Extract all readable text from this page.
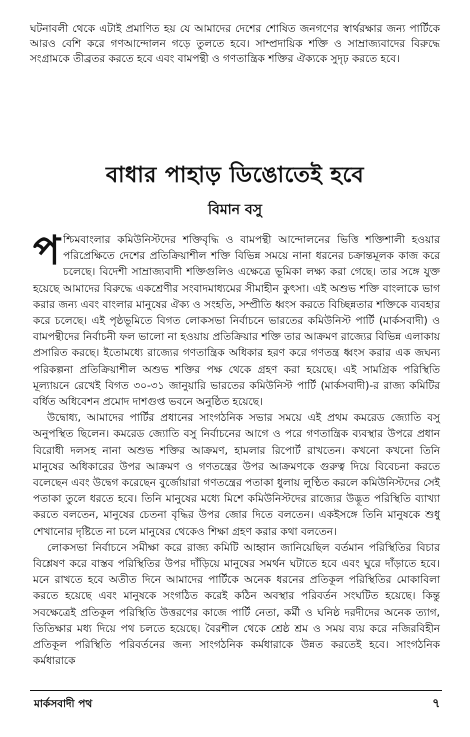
ঘটনাবলী থেকে এটাই প্রমাণিত হয় যে আমাদের দেশের শোষিত জনগণের স্বার্থরক্ষার জন্য পার্টিকে আরও বেশি করে গণআন্দোলন গড়ে তুলতে হবে। সাম্প্রদায়িক শক্তি ও সাম্রাজ্যবাদের বিরুদ্ধে সংগ্রামকে তীব্রতর করতে হবে এবং বামপন্থী ও গণতান্ত্রিক শক্তির ঐক্যকে সুদৃঢ় করতে হবে।
বাধার পাহাড় ডিঙোতেই হবে
বিমান বসু

পশ্চিমবাংলার কমিউনিস্টদের শক্তিবৃদ্ধি ও বামপন্থী আন্দোলনের ভিত্তি শক্তিশালী হওয়ার পরিপ্রেক্ষিতে দেশের প্রতিক্রিয়াশীল শক্তি বিভিন্ন সময়ে নানা ধরনের চক্রান্তমূলক কাজ করে চলেছে। বিদেশী সাম্রাজ্যবাদী শক্তিগুলিও এক্ষেত্রে ভূমিকা লক্ষ্য করা গেছে। তার সঙ্গে যুক্ত হয়েছে আমাদের বিরুদ্ধে একশ্রেণীর সংবাদমাধ্যমের সীমাহীন কুৎসা। এই অশুভ শক্তি বাংলাকে ভাগ করার জন্য এবং বাংলার মানুষের ঐক্য ও সংহতি, সম্প্রীতি ধ্বংস করতে বিচ্ছিন্নতার শক্তিকে ব্যবহার করে চলেছে। এই পৃষ্ঠভূমিতে বিগত লোকসভা নির্বাচনে ভারতের কমিউনিস্ট পার্টি (মার্কসবাদী) ও বামপন্থীদের নির্বাচনী ফল ভালো না হওয়ায় প্রতিক্রিয়ার শক্তি তার আক্রমণ রাজ্যের বিভিন্ন এলাকায় প্রসারিত করছে। ইতোমধ্যে রাজ্যের গণতান্ত্রিক অধিকার হরণ করে গণতন্ত্র ধ্বংস করার এক জঘন্য পরিকল্পনা প্রতিক্রিয়াশীল অশুভ শক্তির পক্ষ থেকে গ্রহণ করা হয়েছে। এই সামগ্রিক পরিস্থিতি মূল্যায়নে রেখেই বিগত ৩০-৩১ জানুয়ারি ভারতের কমিউনিস্ট পার্টি (মার্কসবাদী)-র রাজ্য কমিটির বর্ধিত অধিবেশন প্রমোদ দাশগুপ্ত ভবনে অনুষ্ঠিত হয়েছে।

উদ্বোধ্য, আমাদের পার্টির প্রধানের সাংগঠনিক সভার সময়ে এই প্রথম কমরেড জ্যোতি বসু অনুপস্থিত ছিলেন। কমরেড জ্যোতি বসু নির্বাচনের আগে ও পরে গণতান্ত্রিক ব্যবস্থার উপরে প্রধান বিরোধী দলসহ নানা অশুভ শক্তির আক্রমণ, হামলার রিপোর্ট রাখতেন। কখনো কখনো তিনি মানুষের অধিকারের উপর আক্রমণ ও গণতন্ত্রের উপর আক্রমণকে গুরুত্ব দিয়ে বিবেচনা করতে বলেছেন এবং উদ্বেগ করেছেন বুর্জোয়ারা গণতন্ত্রের পতাকা ধুলায় লুণ্ঠিত করলে কমিউনিস্টদের সেই পতাকা তুলে ধরতে হবে। তিনি মানুষের মধ্যে মিশে কমিউনিস্টদের রাজ্যের উদ্ভূত পরিস্থিতি ব্যাখ্যা করতে বলতেন, মানুষের চেতনা বৃদ্ধির উপর জোর দিতে বলতেন। একইসঙ্গে তিনি মানুষকে শুধু শেখানোর দৃষ্টিতে না চলে মানুষের থেকেও শিক্ষা গ্রহণ করার কথা বলতেন।

লোকসভা নির্বাচনে সমীক্ষা করে রাজ্য কমিটি আহ্বান জানিয়েছিল বর্তমান পরিস্থিতির বিচার বিশ্লেষণ করে বাস্তব পরিস্থিতির উপর দাঁড়িয়ে মানুষের সমর্থন ঘটাতে হবে এবং ঘুরে দাঁড়াতে হবে। মনে রাখতে হবে অতীত দিনে আমাদের পার্টিকে অনেক ধরনের প্রতিকূল পরিস্থিতির মোকাবিলা করতে হয়েছে এবং মানুষকে সংগঠিত করেই কঠিন অবস্থার পরিবর্তন সংঘটিত হয়েছে। কিন্তু সবক্ষেত্রেই প্রতিকূল পরিস্থিতি উত্তরণের কাজে পার্টি নেতা, কর্মী ও ঘনিষ্ঠ দরদীদের অনেক ত্যাগ, তিতিক্ষার মধ্য দিয়ে পথ চলতে হয়েছে। বৈরশীল থেকে শ্রেষ্ঠ শ্রম ও সময় ব্যয় করে নজিরবিহীন প্রতিকূল পরিস্থিতি পরিবর্তনের জন্য সাংগঠনিক কর্মধারাকে উন্নত করতেই হবে। সাংগঠনিক কর্মধারাকে

মার্কসবাদী পথ	৭
